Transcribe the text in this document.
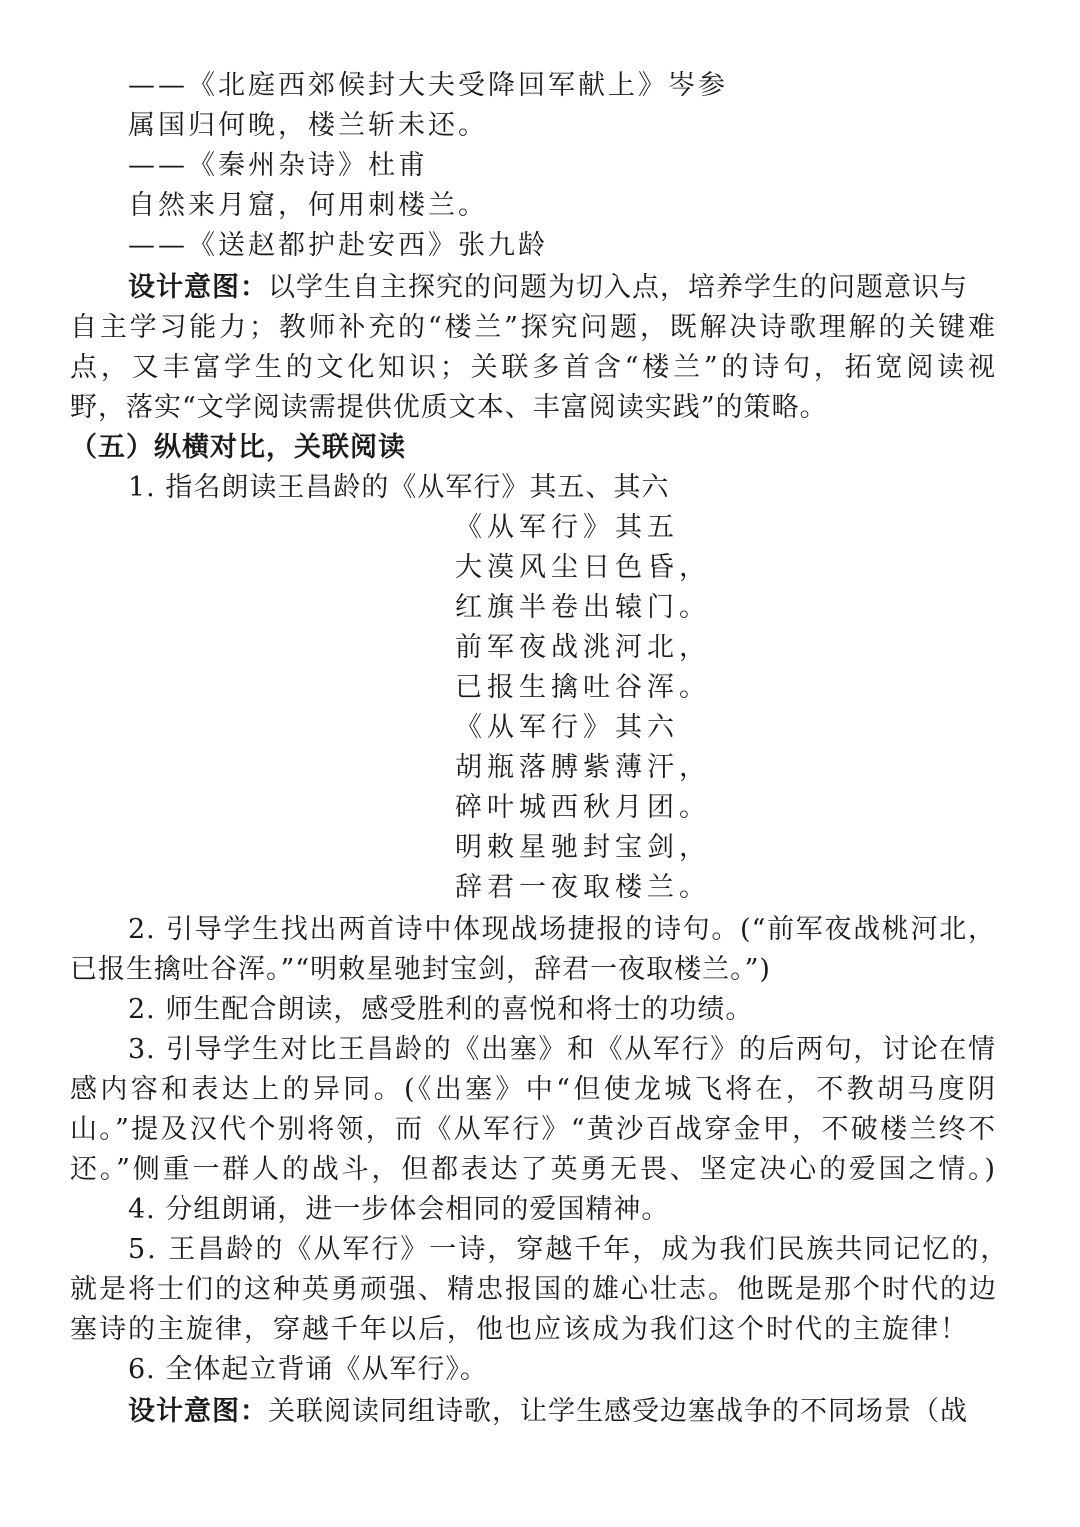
——《北庭西郊候封大夫受降回军献上》岑参
属国归何晚，楼兰斩未还。
——《秦州杂诗》杜甫
自然来月窟，何用刺楼兰。
——《送赵都护赴安西》张九龄
设计意图：以学生自主探究的问题为切入点，培养学生的问题意识与
自主学习能力；教师补充的“楼兰”探究问题，既解决诗歌理解的关键难
点，又丰富学生的文化知识；关联多首含“楼兰”的诗句，拓宽阅读视
野，落实“文学阅读需提供优质文本、丰富阅读实践”的策略。
（五）纵横对比，关联阅读
1. 指名朗读王昌龄的《从军行》其五、其六
《从军行》其五
大漠风尘日色昏，
红旗半卷出辕门。
前军夜战洮河北，
已报生擒吐谷浑。
《从军行》其六
胡瓶落膊紫薄汗，
碎叶城西秋月团。
明敕星驰封宝剑，
辞君一夜取楼兰。
2. 引导学生找出两首诗中体现战场捷报的诗句。(“前军夜战桃河北，
已报生擒吐谷浑。”“明敕星驰封宝剑，辞君一夜取楼兰。”)
2. 师生配合朗读，感受胜利的喜悦和将士的功绩。
3. 引导学生对比王昌龄的《出塞》和《从军行》的后两句，讨论在情
感内容和表达上的异同。(《出塞》中“但使龙城飞将在，不教胡马度阴
山。”提及汉代个别将领，而《从军行》“黄沙百战穿金甲，不破楼兰终不
还。”侧重一群人的战斗，但都表达了英勇无畏、坚定决心的爱国之情。)
4. 分组朗诵，进一步体会相同的爱国精神。
5. 王昌龄的《从军行》一诗，穿越千年，成为我们民族共同记忆的，
就是将士们的这种英勇顽强、精忠报国的雄心壮志。他既是那个时代的边
塞诗的主旋律，穿越千年以后，他也应该成为我们这个时代的主旋律！
6. 全体起立背诵《从军行》。
设计意图：关联阅读同组诗歌，让学生感受边塞战争的不同场景（战
